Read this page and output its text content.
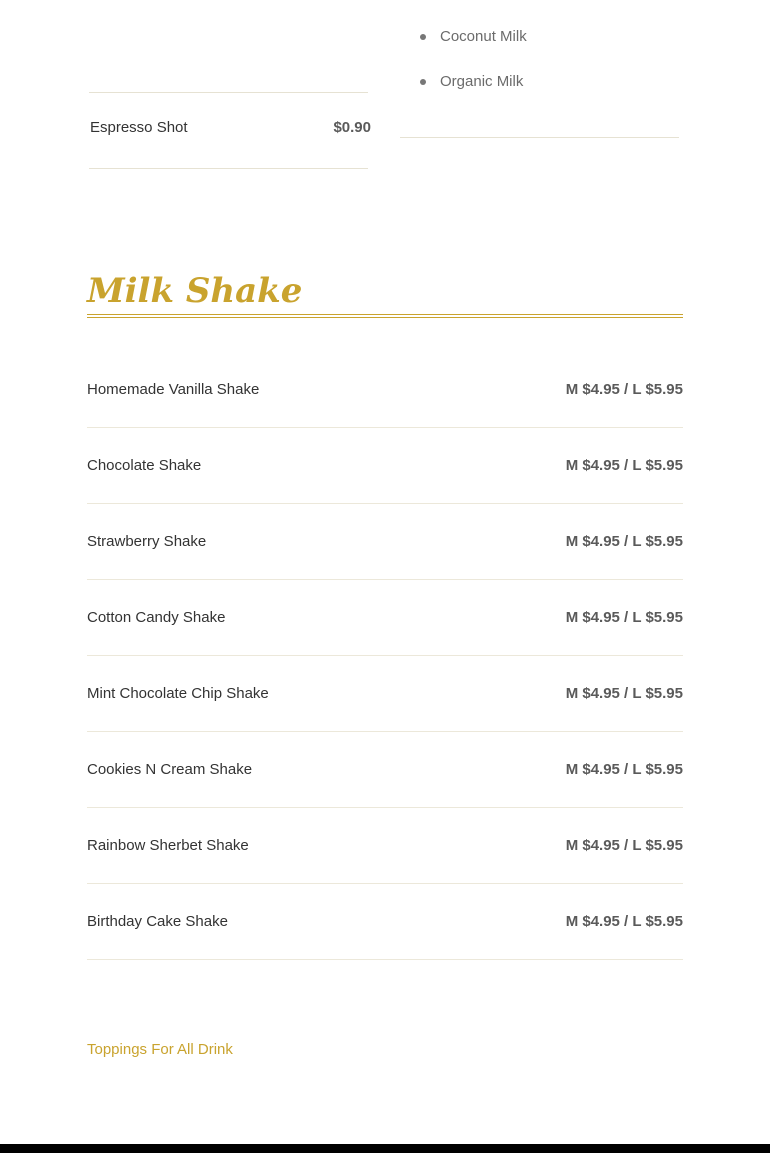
Espresso Shot	$0.90
Coconut Milk
Organic Milk
Milk Shake
Homemade Vanilla Shake	M $4.95 / L $5.95
Chocolate Shake	M $4.95 / L $5.95
Strawberry Shake	M $4.95 / L $5.95
Cotton Candy Shake	M $4.95 / L $5.95
Mint Chocolate Chip Shake	M $4.95 / L $5.95
Cookies N Cream Shake	M $4.95 / L $5.95
Rainbow Sherbet Shake	M $4.95 / L $5.95
Birthday Cake Shake	M $4.95 / L $5.95
Toppings For All Drink
